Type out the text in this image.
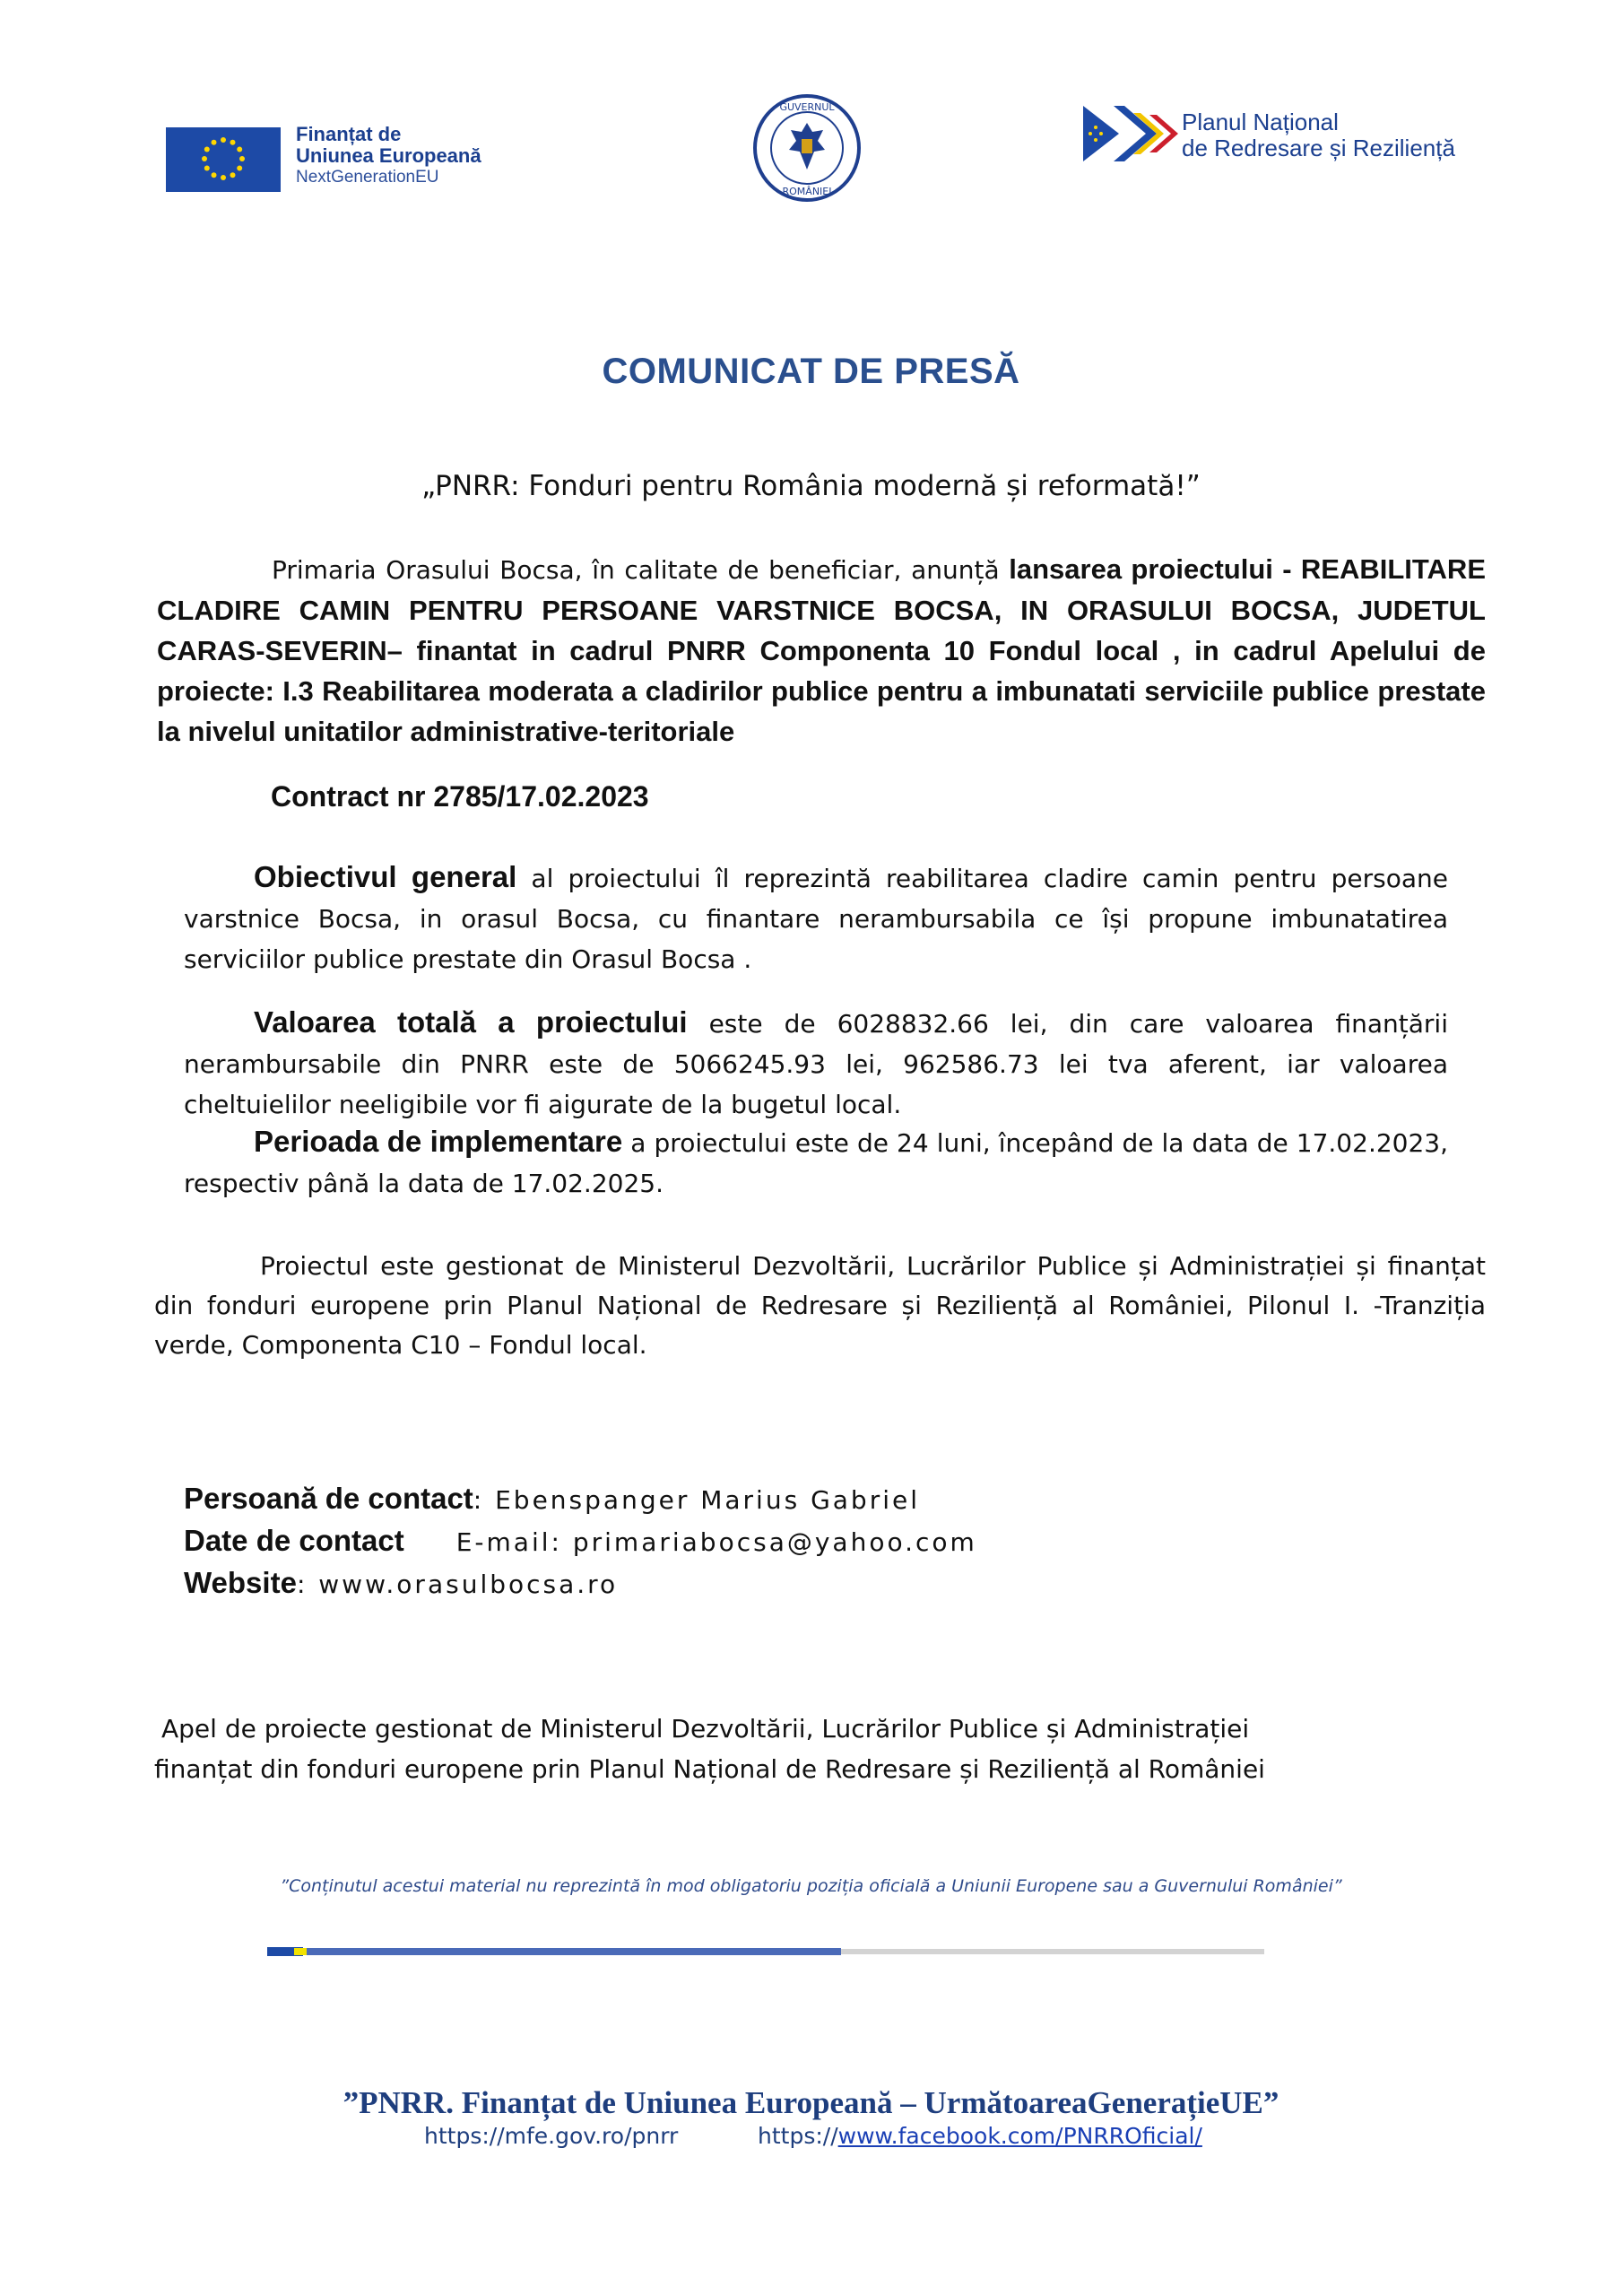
Finanțat de
Uniunea Europeană
NextGenerationEU
GUVERNUL
ROMÂNIEI
Planul Național
de Redresare și Reziliență
COMUNICAT DE PRESĂ
„PNRR: Fonduri pentru România modernă și reformată!”
Primaria Orasului Bocsa, în calitate de beneficiar, anunță lansarea proiectului - REABILITARE CLADIRE CAMIN PENTRU PERSOANE VARSTNICE BOCSA, IN ORASULUI BOCSA, JUDETUL CARAS-SEVERIN– finantat in cadrul PNRR Componenta 10 Fondul local , in cadrul Apelului de proiecte: I.3 Reabilitarea moderata a cladirilor publice pentru a imbunatati serviciile publice prestate la nivelul unitatilor administrative-teritoriale
Contract nr 2785/17.02.2023
Obiectivul general al proiectului îl reprezintă reabilitarea cladire camin pentru persoane varstnice Bocsa, in orasul Bocsa, cu finantare nerambursabila ce își propune imbunatatirea serviciilor publice prestate din Orasul Bocsa .
Valoarea totală a proiectului este de 6028832.66 lei, din care valoarea finanțării nerambursabile din PNRR este de 5066245.93 lei, 962586.73 lei tva aferent, iar valoarea cheltuielilor neeligibile vor fi aigurate de la bugetul local.
Perioada de implementare a proiectului este de 24 luni, începând de la data de 17.02.2023, respectiv până la data de 17.02.2025.
Proiectul este gestionat de Ministerul Dezvoltării, Lucrărilor Publice și Administrației și finanțat din fonduri europene prin Planul Național de Redresare și Reziliență al României, Pilonul I. -Tranziția verde, Componenta C10 – Fondul local.
Persoană de contact: Ebenspanger Marius Gabriel
Date de contact E-mail: primariabocsa@yahoo.com
Website: www.orasulbocsa.ro
Apel de proiecte gestionat de Ministerul Dezvoltării, Lucrărilor Publice și Administrației
finanțat din fonduri europene prin Planul Național de Redresare și Reziliență al României
”Conținutul acestui material nu reprezintă în mod obligatoriu poziția oficială a Uniunii Europene sau a Guvernului României”
”PNRR. Finanțat de Uniunea Europeană – UrmătoareaGenerațieUE”
https://mfe.gov.ro/pnrr	https://www.facebook.com/PNRROficial/
